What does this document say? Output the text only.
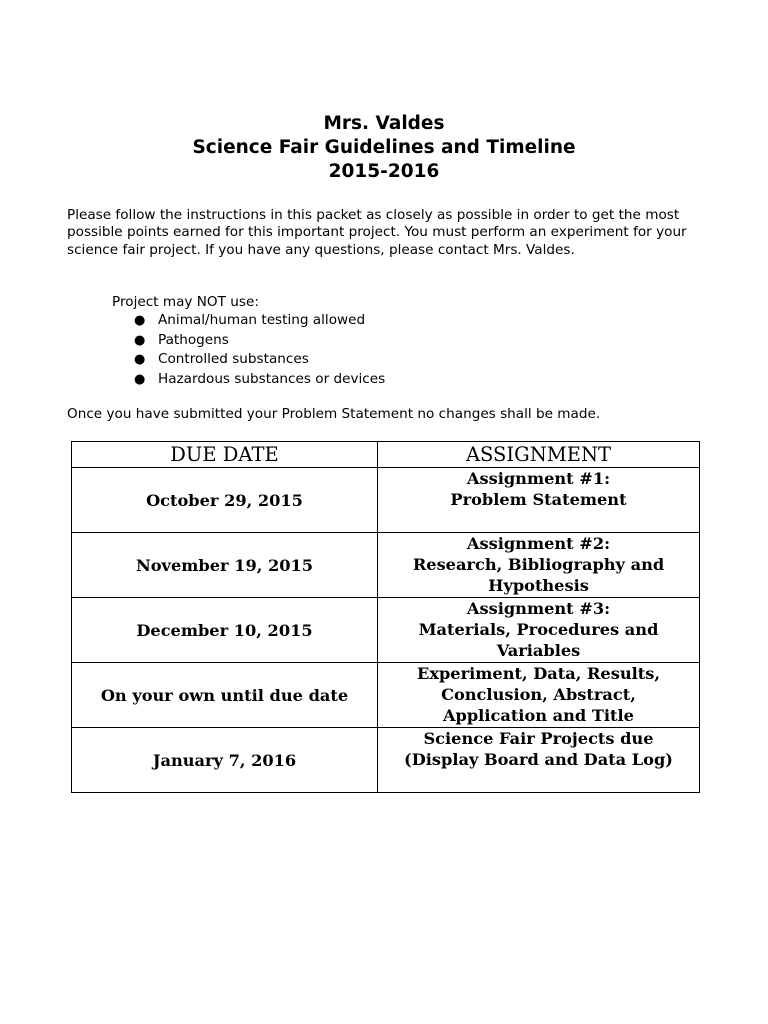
Mrs. Valdes
Science Fair Guidelines and Timeline
2015-2016

Please follow the instructions in this packet as closely as possible in order to get the most possible points earned for this important project. You must perform an experiment for your science fair project. If you have any questions, please contact Mrs. Valdes.

Project may NOT use:
● Animal/human testing allowed
● Pathogens
● Controlled substances
● Hazardous substances or devices

Once you have submitted your Problem Statement no changes shall be made.

DUE DATE	ASSIGNMENT
October 29, 2015	Assignment #1:
Problem Statement

November 19, 2015	Assignment #2:
Research, Bibliography and
Hypothesis

December 10, 2015	Assignment #3:
Materials, Procedures and
Variables

On your own until due date	Experiment, Data, Results,
Conclusion, Abstract,
Application and Title

January 7, 2016	Science Fair Projects due
(Display Board and Data Log)
